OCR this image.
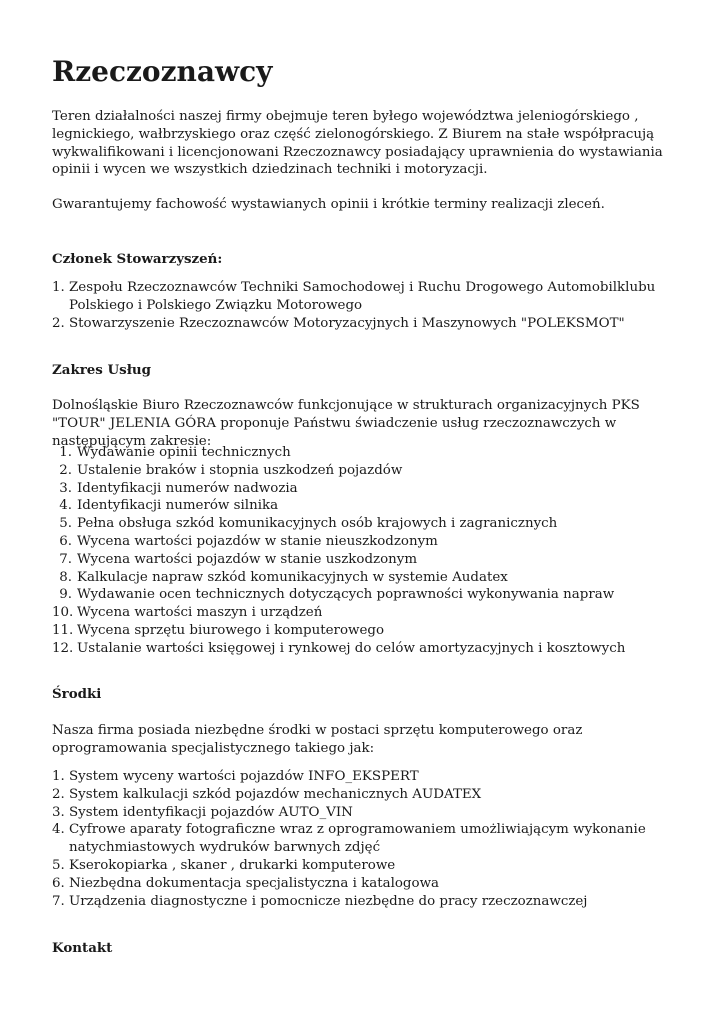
Rzeczoznawcy

Teren działalności naszej firmy obejmuje teren byłego województwa jeleniogórskiego , legnickiego, wałbrzyskiego oraz część zielonogórskiego. Z Biurem na stałe współpracują wykwalifikowani i licencjonowani Rzeczoznawcy posiadający uprawnienia do wystawiania opinii i wycen we wszystkich dziedzinach techniki i motoryzacji.

Gwarantujemy fachowość wystawianych opinii i krótkie terminy realizacji zleceń.

Członek Stowarzyszeń:
1. Zespołu Rzeczoznawców Techniki Samochodowej i Ruchu Drogowego Automobilklubu Polskiego i Polskiego Związku Motorowego
2. Stowarzyszenie Rzeczoznawców Motoryzacyjnych i Maszynowych "POLEKSMOT"
Zakres Usług

Dolnośląskie Biuro Rzeczoznawców funkcjonujące w strukturach organizacyjnych PKS "TOUR" JELENIA GÓRA proponuje Państwu świadczenie usług rzeczoznawczych w następującym zakresie:

1. Wydawanie opinii technicznych
2. Ustalenie braków i stopnia uszkodzeń pojazdów
3. Identyfikacji numerów nadwozia
4. Identyfikacji numerów silnika
5. Pełna obsługa szkód komunikacyjnych osób krajowych i zagranicznych
6. Wycena wartości pojazdów w stanie nieuszkodzonym
7. Wycena wartości pojazdów w stanie uszkodzonym
8. Kalkulacje napraw szkód komunikacyjnych w systemie Audatex
9. Wydawanie ocen technicznych dotyczących poprawności wykonywania napraw
10. Wycena wartości maszyn i urządzeń
11. Wycena sprzętu biurowego i komputerowego
12. Ustalanie wartości księgowej i rynkowej do celów amortyzacyjnych i kosztowych
Środki

Nasza firma posiada niezbędne środki w postaci sprzętu komputerowego oraz oprogramowania specjalistycznego takiego jak:

1. System wyceny wartości pojazdów INFO_EKSPERT
2. System kalkulacji szkód pojazdów mechanicznych AUDATEX
3. System identyfikacji pojazdów AUTO_VIN
4. Cyfrowe aparaty fotograficzne wraz z oprogramowaniem umożliwiającym wykonanie natychmiastowych wydruków barwnych zdjęć
5. Kserokopiarka , skaner , drukarki komputerowe
6. Niezbędna dokumentacja specjalistyczna i katalogowa
7. Urządzenia diagnostyczne i pomocnicze niezbędne do pracy rzeczoznawczej
Kontakt
